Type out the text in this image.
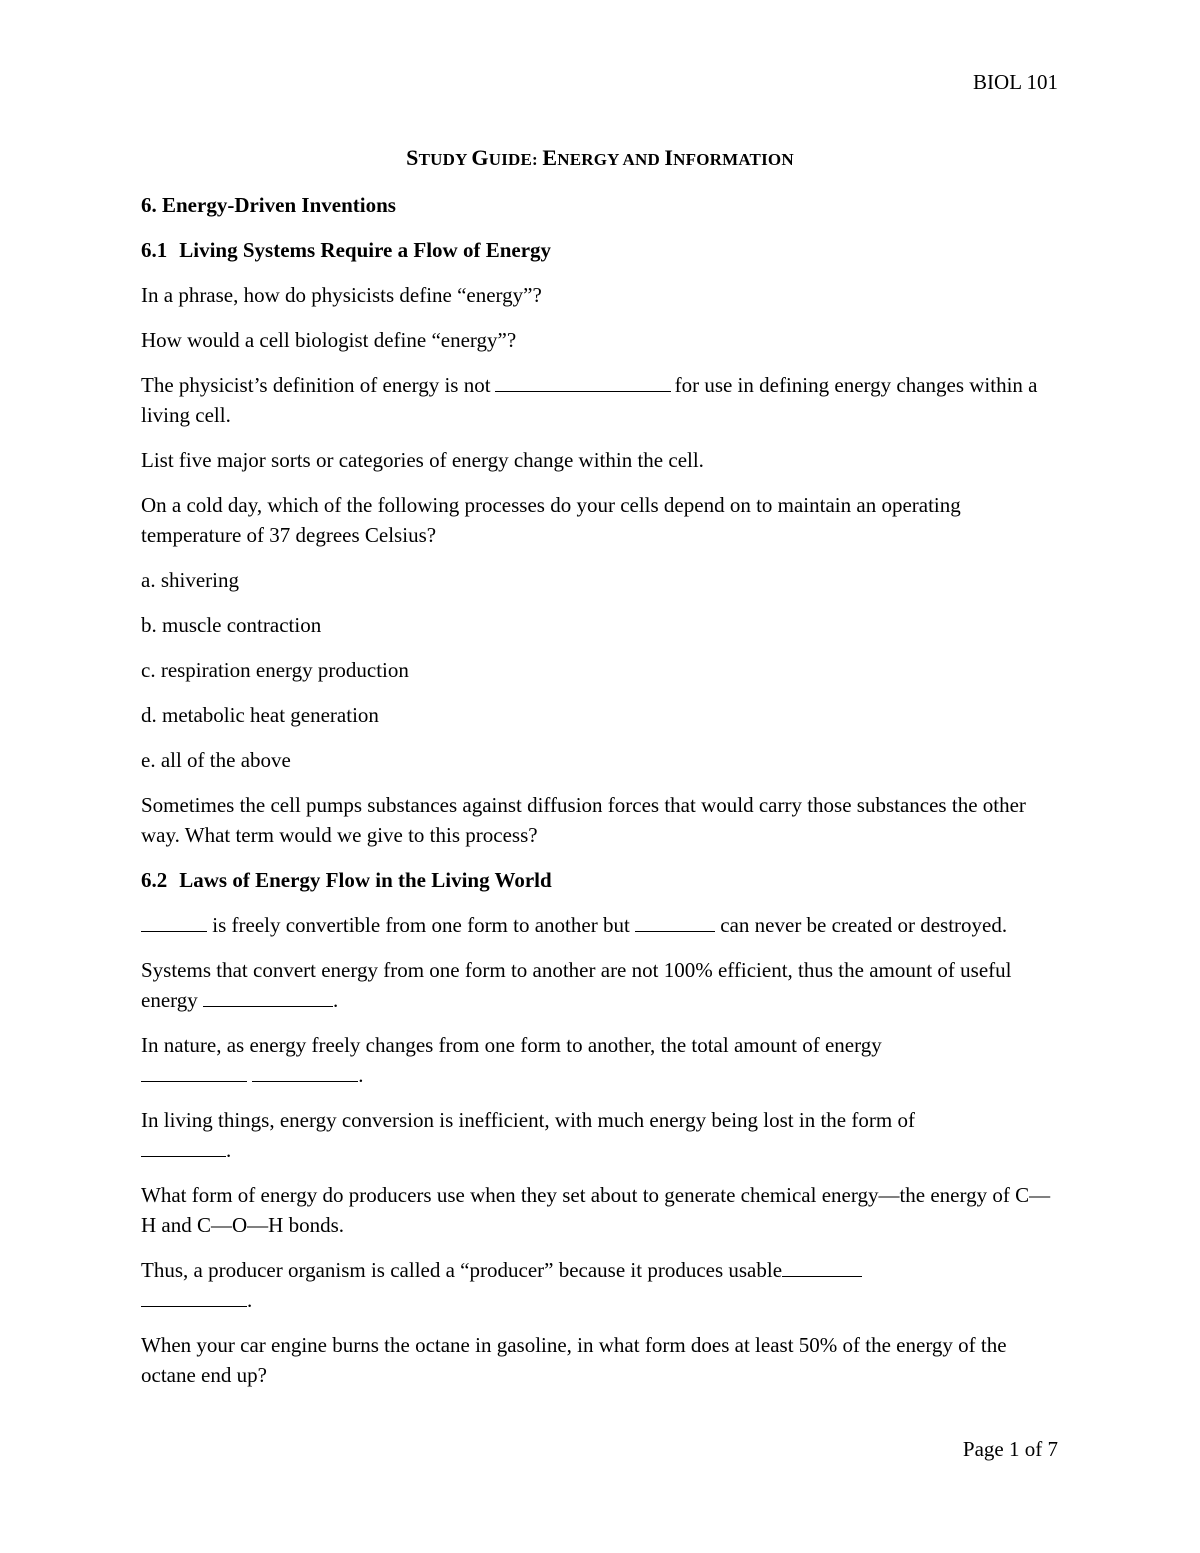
BIOL 101
STUDY GUIDE: ENERGY AND INFORMATION
6. Energy-Driven Inventions
6.1 Living Systems Require a Flow of Energy

In a phrase, how do physicists define “energy”?

How would a cell biologist define “energy”?

The physicist’s definition of energy is not	for use in defining energy changes within a living cell.

List five major sorts or categories of energy change within the cell.

On a cold day, which of the following processes do your cells depend on to maintain an operating temperature of 37 degrees Celsius?

a. shivering

b. muscle contraction

c. respiration energy production

d. metabolic heat generation

e. all of the above

Sometimes the cell pumps substances against diffusion forces that would carry those substances the other way. What term would we give to this process?

6.2 Laws of Energy Flow in the Living World

is freely convertible from one form to another but	can never be created or destroyed.

Systems that convert energy from one form to another are not 100% efficient, thus the amount of useful energy	.

In nature, as energy freely changes from one form to another, the total amount of energy
.

In living things, energy conversion is inefficient, with much energy being lost in the form of
.

What form of energy do producers use when they set about to generate chemical energy—the energy of C—H and C—O—H bonds.

Thus, a producer organism is called a “producer” because it produces usable
.

When your car engine burns the octane in gasoline, in what form does at least 50% of the energy of the octane end up?

Page 1 of 7
